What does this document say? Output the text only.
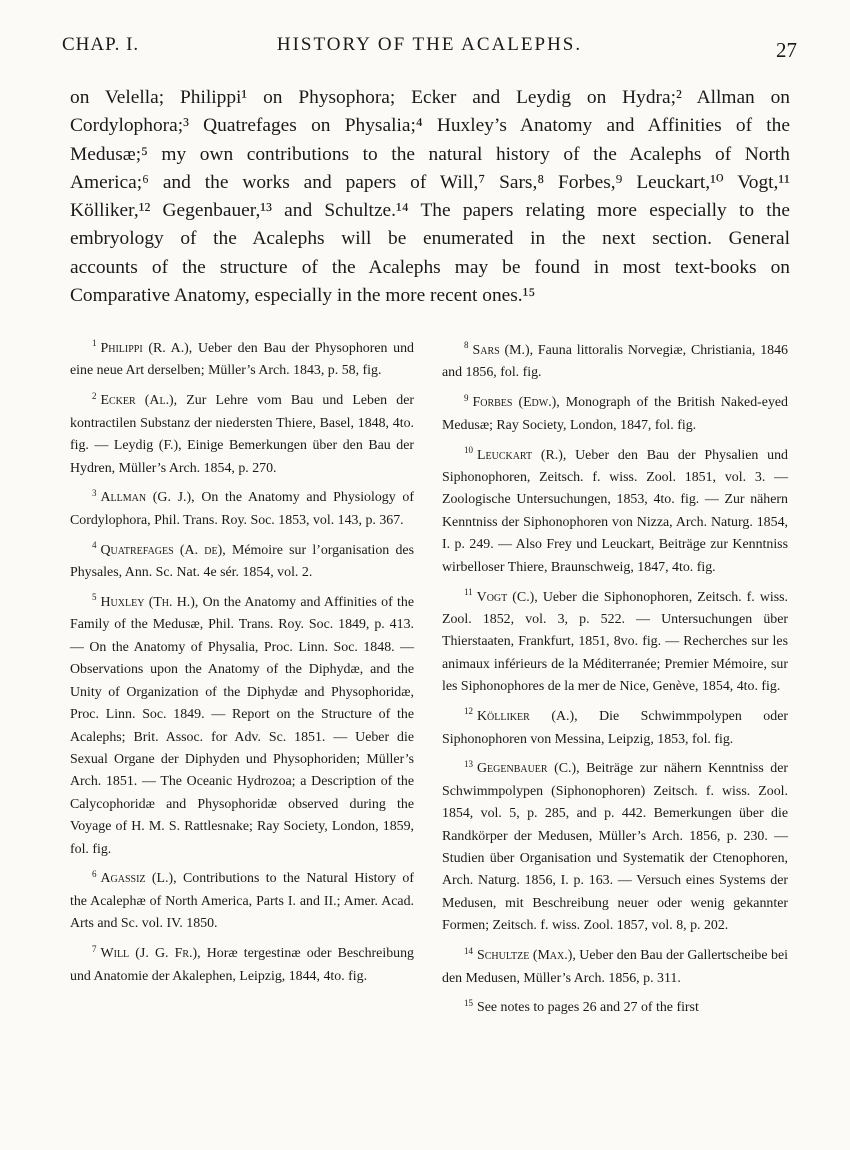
CHAP. I.	HISTORY OF THE ACALEPHS.	27

on Velella; Philippi¹ on Physophora; Ecker and Leydig on Hydra;² Allman on
Cordylophora;³ Quatrefages on Physalia;⁴ Huxley’s Anatomy and Affinities of the
Medusæ;⁵ my own contributions to the natural history of the Acalephs of North
America;⁶ and the works and papers of Will,⁷ Sars,⁸ Forbes,⁹ Leuckart,¹⁰ Vogt,¹¹
Kölliker,¹² Gegenbauer,¹³ and Schultze.¹⁴ The papers relating more especially to the
embryology of the Acalephs will be enumerated in the next section. General
accounts of the structure of the Acalephs may be found in most text-books on
Comparative Anatomy, especially in the more recent ones.¹⁵

$^1$ Philippi (R. A.), Ueber den Bau der Physophoren und eine neue Art derselben; Müller’s Arch. 1843, p. 58, fig.

$^2$ Ecker (Al.), Zur Lehre vom Bau und Leben der kontractilen Substanz der niedersten Thiere, Basel, 1848, 4to. fig. — Leydig (F.), Einige Bemerkungen über den Bau der Hydren, Müller’s Arch. 1854, p. 270.

$^3$ Allman (G. J.), On the Anatomy and Physiology of Cordylophora, Phil. Trans. Roy. Soc. 1853, vol. 143, p. 367.

$^4$ Quatrefages (A. de), Mémoire sur l’organisation des Physales, Ann. Sc. Nat. 4e sér. 1854, vol. 2.

$^5$ Huxley (Th. H.), On the Anatomy and Affinities of the Family of the Medusæ, Phil. Trans. Roy. Soc. 1849, p. 413. — On the Anatomy of Physalia, Proc. Linn. Soc. 1848. — Observations upon the Anatomy of the Diphydæ, and the Unity of Organization of the Diphydæ and Physophoridæ, Proc. Linn. Soc. 1849. — Report on the Structure of the Acalephs; Brit. Assoc. for Adv. Sc. 1851. — Ueber die Sexual Organe der Diphyden und Physophoriden; Müller’s Arch. 1851. — The Oceanic Hydrozoa; a Description of the Calycophoridæ and Physophoridæ observed during the Voyage of H. M. S. Rattlesnake; Ray Society, London, 1859, fol. fig.

$^6$ Agassiz (L.), Contributions to the Natural History of the Acalephæ of North America, Parts I. and II.; Amer. Acad. Arts and Sc. vol. IV. 1850.

$^7$ Will (J. G. Fr.), Horæ tergestinæ oder Beschreibung und Anatomie der Akalephen, Leipzig, 1844, 4to. fig.

$^8$ Sars (M.), Fauna littoralis Norvegiæ, Christiania, 1846 and 1856, fol. fig.

$^9$ Forbes (Edw.), Monograph of the British Naked-eyed Medusæ; Ray Society, London, 1847, fol. fig.

$^{10}$ Leuckart (R.), Ueber den Bau der Physalien und Siphonophoren, Zeitsch. f. wiss. Zool. 1851, vol. 3. — Zoologische Untersuchungen, 1853, 4to. fig. — Zur nähern Kenntniss der Siphonophoren von Nizza, Arch. Naturg. 1854, I. p. 249. — Also Frey und Leuckart, Beiträge zur Kenntniss wirbelloser Thiere, Braunschweig, 1847, 4to. fig.

$^{11}$ Vogt (C.), Ueber die Siphonophoren, Zeitsch. f. wiss. Zool. 1852, vol. 3, p. 522. — Untersuchungen über Thierstaaten, Frankfurt, 1851, 8vo. fig. — Recherches sur les animaux inférieurs de la Méditerranée; Premier Mémoire, sur les Siphonophores de la mer de Nice, Genève, 1854, 4to. fig.

$^{12}$ Kölliker (A.), Die Schwimmpolypen oder Siphonophoren von Messina, Leipzig, 1853, fol. fig.

$^{13}$ Gegenbauer (C.), Beiträge zur nähern Kenntniss der Schwimmpolypen (Siphonophoren) Zeitsch. f. wiss. Zool. 1854, vol. 5, p. 285, and p. 442. Bemerkungen über die Randkörper der Medusen, Müller’s Arch. 1856, p. 230. — Studien über Organisation und Systematik der Ctenophoren, Arch. Naturg. 1856, I. p. 163. — Versuch eines Systems der Medusen, mit Beschreibung neuer oder wenig gekannter Formen; Zeitsch. f. wiss. Zool. 1857, vol. 8, p. 202.

$^{14}$ Schultze (Max.), Ueber den Bau der Gallertscheibe bei den Medusen, Müller’s Arch. 1856, p. 311.

$^{15}$ See notes to pages 26 and 27 of the first
